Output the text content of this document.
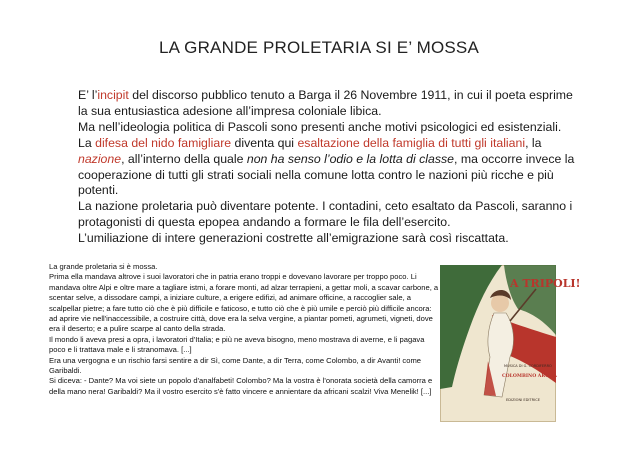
LA GRANDE PROLETARIA SI E’ MOSSA

E’ l’incipit del discorso pubblico tenuto a Barga il 26 Novembre 1911, in cui il poeta esprime la sua entusiastica adesione all’impresa coloniale libica.

Ma nell’ideologia politica di Pascoli sono presenti anche motivi psicologici ed esistenziali. La difesa del nido famigliare diventa qui esaltazione della famiglia di tutti gli italiani, la nazione, all’interno della quale non ha senso l’odio e la lotta di classe, ma occorre invece la cooperazione di tutti gli strati sociali nella comune lotta contro le nazioni più ricche e più potenti.

La nazione proletaria può diventare potente. I contadini, ceto esaltato da Pascoli, saranno i protagonisti di questa epopea andando a formare le fila dell’esercito.

L’umiliazione di intere generazioni costrette all’emigrazione sarà così riscattata.

La grande proletaria si è mossa.

Prima ella mandava altrove i suoi lavoratori che in patria erano troppi e dovevano lavorare per troppo poco. Li mandava oltre Alpi e oltre mare a tagliare istmi, a forare monti, ad alzar terrapieni, a gettar moli, a scavar carbone, a scentar selve, a dissodare campi, a iniziare culture, a erigere edifizi, ad animare officine, a raccoglier sale, a scalpellar pietre; a fare tutto ciò che è più difficile e faticoso, e tutto ciò che è più umile e perciò più difficile ancora: ad aprire vie nell'inaccessibile, a costruire città, dove era la selva vergine, a piantar pometi, agrumeti, vigneti, dove era il deserto; e a pulire scarpe al canto della strada.

Il mondo li aveva presi a opra, i lavoratori d'Italia; e più ne aveva bisogno, meno mostrava di averne, e li pagava poco e li trattava male e li stranomava. [...]

Era una vergogna e un rischio farsi sentire a dir Sì, come Dante, a dir Terra, come Colombo, a dir Avanti! come Garibaldi.

Si diceva: - Dante? Ma voi siete un popolo d'analfabeti! Colombo? Ma la vostra è l'onorata società della camorra e della mano nera! Garibaldi? Ma il vostro esercito s'è fatto vincere e annientare da africani scalzi! Viva Menelik! [...]

A TRIPOLI!
MUSICA DI G. CORDIFERRO
COLOMBINO ARONA
EDIZIONI EDITRICE
